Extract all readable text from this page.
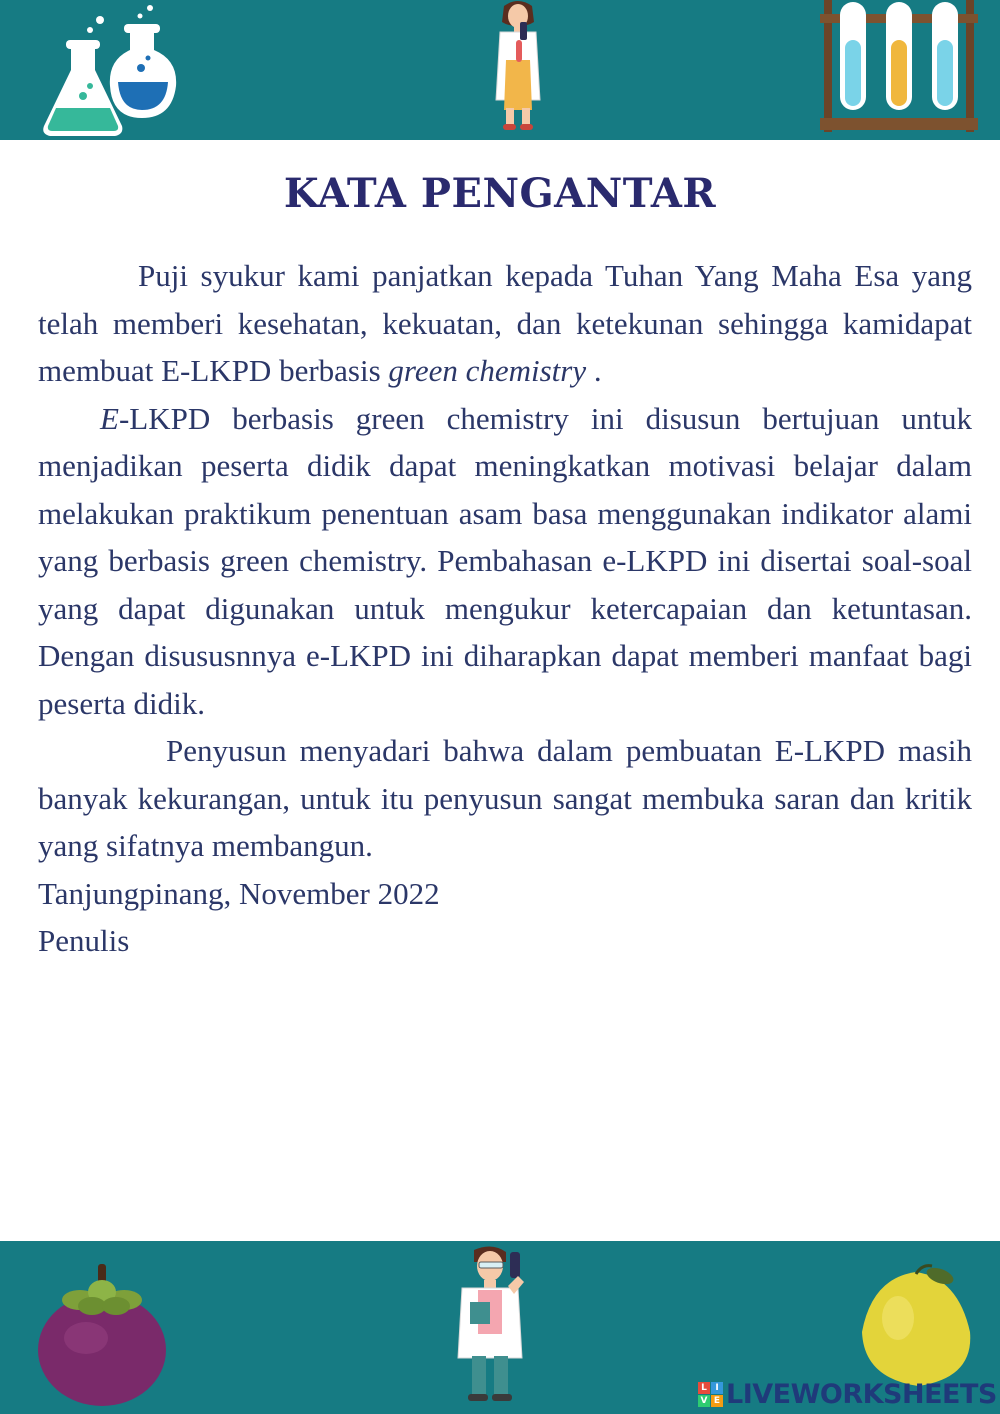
KATA PENGANTAR

Puji syukur kami panjatkan kepada Tuhan Yang Maha Esa yang telah memberi kesehatan, kekuatan, dan ketekunan sehingga kamidapat membuat E-LKPD berbasis green chemistry .

E-LKPD berbasis green chemistry ini disusun bertujuan untuk menjadikan peserta didik dapat meningkatkan motivasi belajar dalam melakukan praktikum penentuan asam basa menggunakan indikator alami yang berbasis green chemistry. Pembahasan e-LKPD ini disertai soal-soal yang dapat digunakan untuk mengukur ketercapaian dan ketuntasan. Dengan disususnnya e-LKPD ini diharapkan dapat memberi manfaat bagi peserta didik.

Penyusun menyadari bahwa dalam pembuatan E-LKPD masih banyak kekurangan, untuk itu penyusun sangat membuka saran dan kritik yang sifatnya membangun.

Tanjungpinang, November 2022

Penulis

L I
V E LIVEWORKSHEETS
